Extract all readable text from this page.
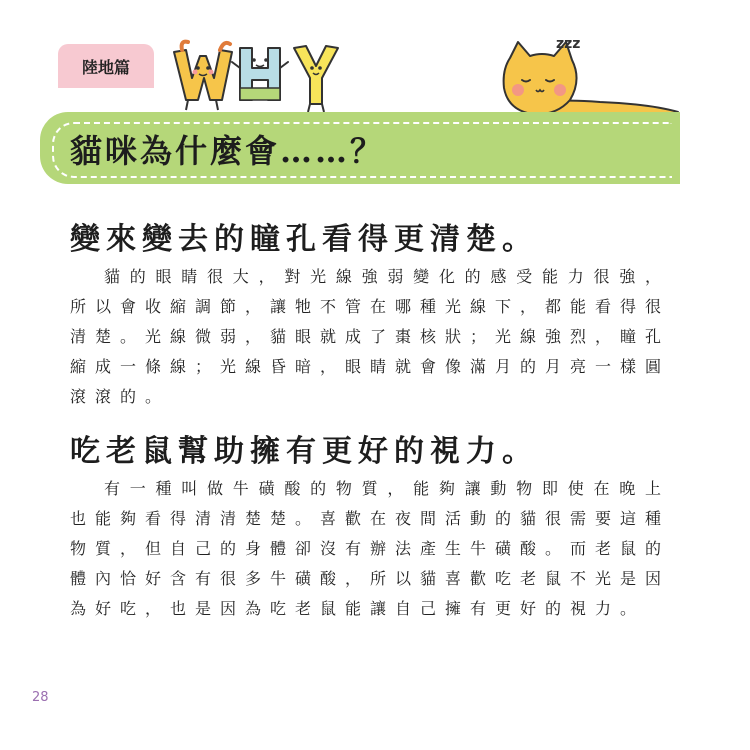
陸地篇
zzz
貓咪為什麼會……？
變來變去的瞳孔看得更清楚。

貓的眼睛很大，對光線強弱變化的感受能力很強，所以會收縮調節，讓牠不管在哪種光線下，都能看得很清楚。光線微弱，貓眼就成了棗核狀；光線強烈，瞳孔縮成一條線；光線昏暗，眼睛就會像滿月的月亮一樣圓滾滾的。

吃老鼠幫助擁有更好的視力。

有一種叫做牛磺酸的物質，能夠讓動物即使在晚上也能夠看得清清楚楚。喜歡在夜間活動的貓很需要這種物質，但自己的身體卻沒有辦法產生牛磺酸。而老鼠的體內恰好含有很多牛磺酸，所以貓喜歡吃老鼠不光是因為好吃，也是因為吃老鼠能讓自己擁有更好的視力。

28
